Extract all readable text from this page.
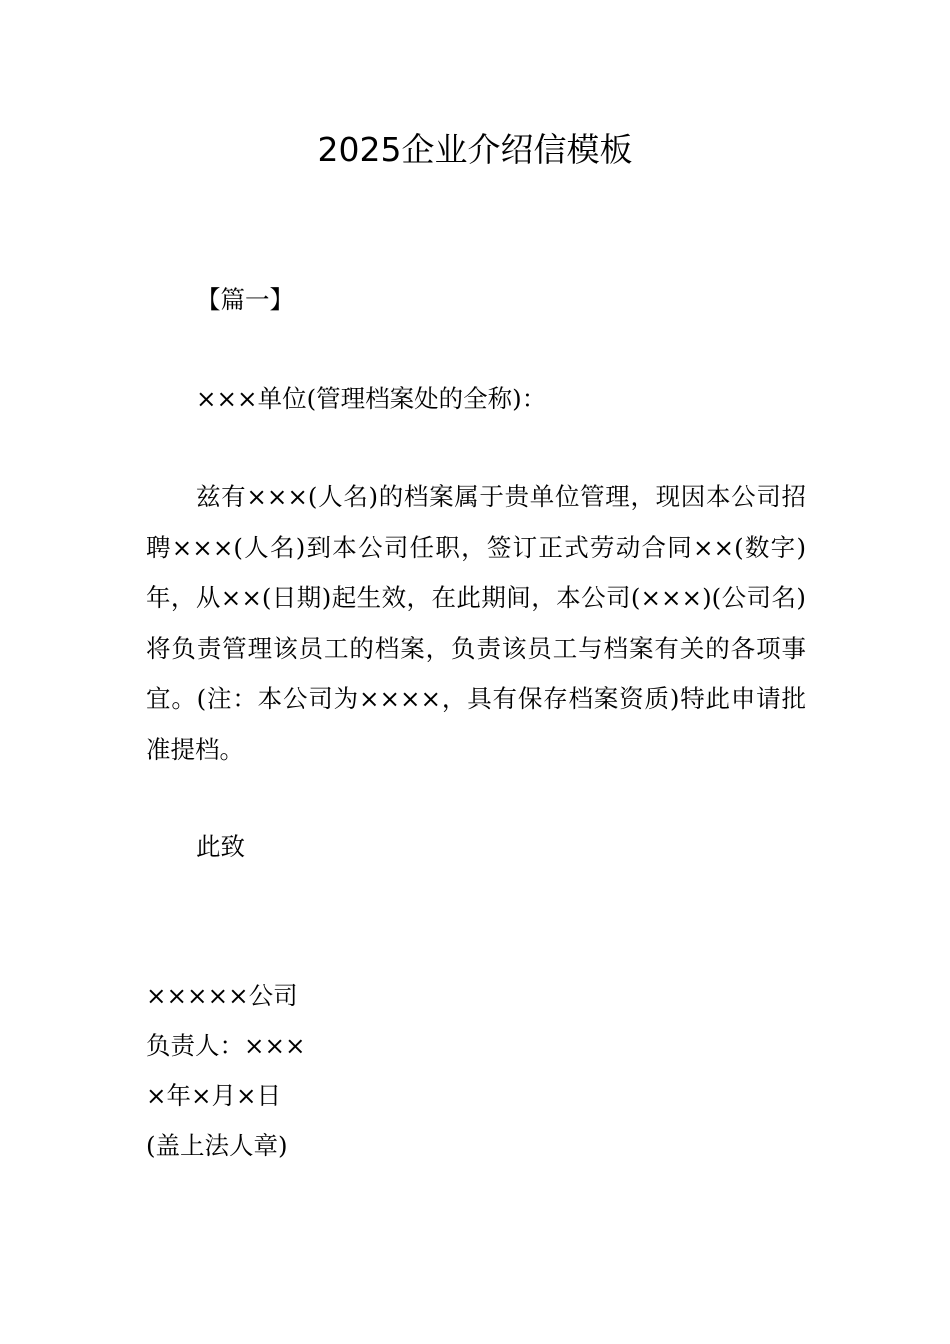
2025企业介绍信模板
【篇一】
×××单位(管理档案处的全称)：

兹有×××(人名)的档案属于贵单位管理，现因本公司招聘×××(人名)到本公司任职，签订正式劳动合同××(数字)年，从××(日期)起生效，在此期间，本公司(×××)(公司名)将负责管理该员工的档案，负责该员工与档案有关的各项事宜。(注：本公司为××××，具有保存档案资质)特此申请批准提档。

此致
×××××公司
负责人：×××
×年×月×日
(盖上法人章)
